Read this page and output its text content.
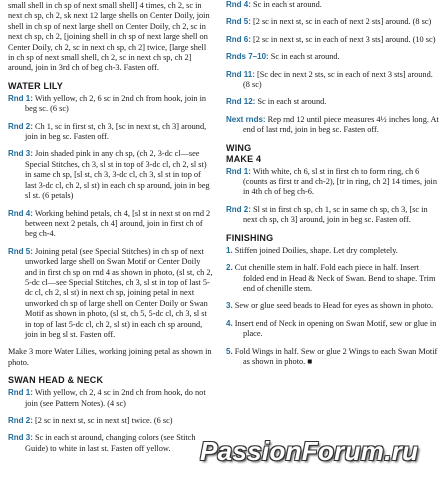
small shell in ch sp of next small shell] 4 times, ch 2, sc in next ch sp, ch 2, sk next 12 large shells on Center Doily, join shell in ch sp of next large shell on Center Doily, ch 2, sc in next ch sp, ch 2, [joining shell in ch sp of next large shell on Center Doily, ch 2, sc in next ch sp, ch 2] twice, [large shell in ch sp of next small shell, ch 2, sc in next ch sp, ch 2] around, join in 3rd ch of beg ch-3. Fasten off.

WATER LILY

Rnd 1: With yellow, ch 2, 6 sc in 2nd ch from hook, join in beg sc. (6 sc)

Rnd 2: Ch 1, sc in first st, ch 3, [sc in next st, ch 3] around, join in beg sc. Fasten off.

Rnd 3: Join shaded pink in any ch sp, (ch 2, 3-dc cl—see Special Stitches, ch 3, sl st in top of 3-dc cl, ch 2, sl st) in same ch sp, [sl st, ch 3, 3-dc cl, ch 3, sl st in top of last 3-dc cl, ch 2, sl st) in each ch sp around, join in beg sl st. (6 petals)

Rnd 4: Working behind petals, ch 4, [sl st in next st on rnd 2 between next 2 petals, ch 4] around, join in first ch of beg ch-4.

Rnd 5: Joining petal (see Special Stitches) in ch sp of next unworked large shell on Swan Motif or Center Doily and in first ch sp on rnd 4 as shown in photo, (sl st, ch 2, 5-dc cl—see Special Stitches, ch 3, sl st in top of last 5-dc cl, ch 2, sl st) in next ch sp, joining petal in next unworked ch sp of large shell on Center Doily or Swan Motif as shown in photo, (sl st, ch 5, 5-dc cl, ch 3, sl st in top of last 5-dc cl, ch 2, sl st) in each ch sp around, join in beg sl st. Fasten off.

Make 3 more Water Lilies, working joining petal as shown in photo.

SWAN HEAD & NECK

Rnd 1: With yellow, ch 2, 4 sc in 2nd ch from hook, do not join (see Pattern Notes). (4 sc)

Rnd 2: [2 sc in next st, sc in next st] twice. (6 sc)

Rnd 3: Sc in each st around, changing colors (see Stitch Guide) to white in last st. Fasten off yellow.

Rnd 4: Sc in each st around.

Rnd 5: [2 sc in next st, sc in each of next 2 sts] around. (8 sc)

Rnd 6: [2 sc in next st, sc in each of next 3 sts] around. (10 sc)

Rnds 7–10: Sc in each st around.

Rnd 11: [Sc dec in next 2 sts, sc in each of next 3 sts] around. (8 sc)

Rnd 12: Sc in each st around.

Next rnds: Rep rnd 12 until piece measures 4½ inches long. At end of last rnd, join in beg sc. Fasten off.

WING
MAKE 4

Rnd 1: With white, ch 6, sl st in first ch to form ring, ch 6 (counts as first tr and ch-2), [tr in ring, ch 2] 14 times, join in 4th ch of beg ch-6.

Rnd 2: Sl st in first ch sp, ch 1, sc in same ch sp, ch 3, [sc in next ch sp, ch 3] around, join in beg sc. Fasten off.

FINISHING

1. Stiffen joined Doilies, shape. Let dry completely.

2. Cut chenille stem in half. Fold each piece in half. Insert folded end in Head & Neck of Swan. Bend to shape. Trim end of chenille stem.

3. Sew or glue seed beads to Head for eyes as shown in photo.

4. Insert end of Neck in opening on Swan Motif, sew or glue in place.

5. Fold Wings in half. Sew or glue 2 Wings to each Swan Motif as shown in photo. ■

PassionForum.ru
